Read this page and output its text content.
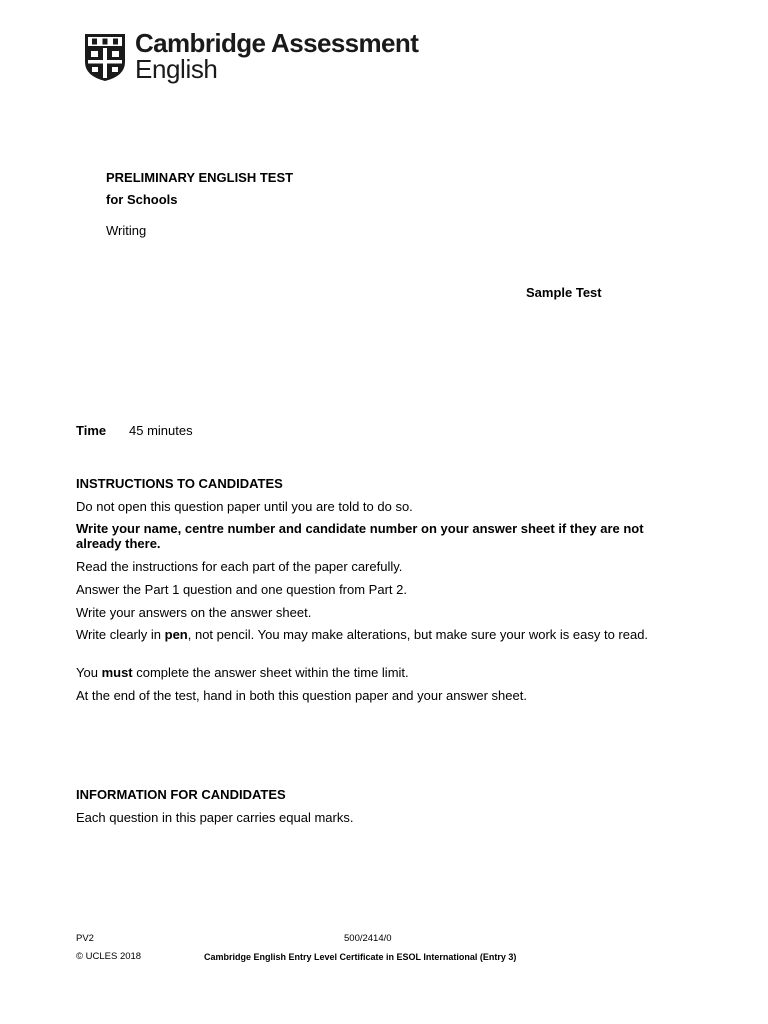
Cambridge Assessment
English
PRELIMINARY ENGLISH TEST
for Schools
Writing
Sample Test
Time 45 minutes
INSTRUCTIONS TO CANDIDATES

Do not open this question paper until you are told to do so.

Write your name, centre number and candidate number on your answer sheet if they are not already there.

Read the instructions for each part of the paper carefully.

Answer the Part 1 question and one question from Part 2.

Write your answers on the answer sheet.

Write clearly in pen, not pencil. You may make alterations, but make sure your work is easy to read.

You must complete the answer sheet within the time limit.

At the end of the test, hand in both this question paper and your answer sheet.

INFORMATION FOR CANDIDATES
Each question in this paper carries equal marks.
PV2	500/2414/0
© UCLES 2018	Cambridge English Entry Level Certificate in ESOL International (Entry 3)
